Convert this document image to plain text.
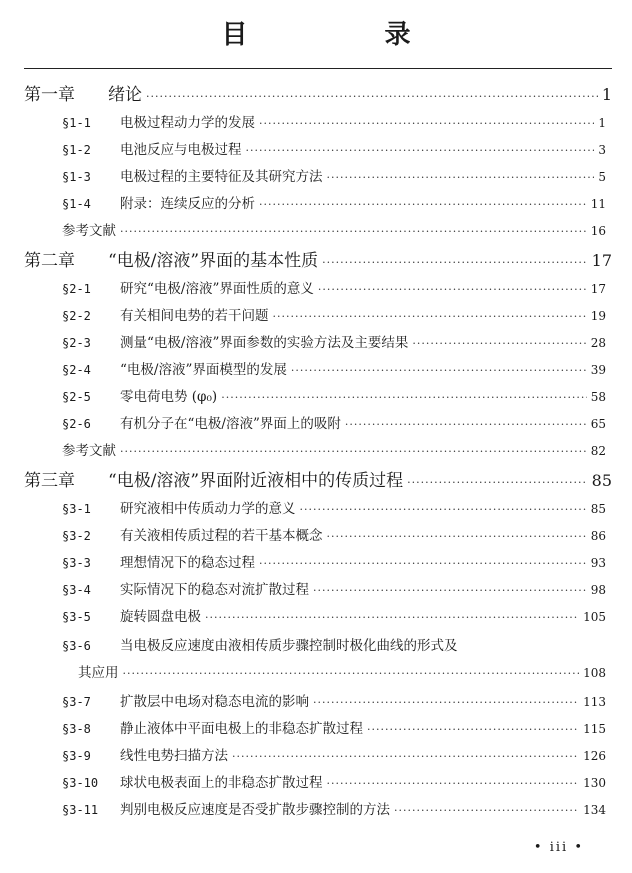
目 录
第一章	绪论 ·····	1
§1-1	电极过程动力学的发展 ·····	1
§1-2	电池反应与电极过程 ·····	3
§1-3	电极过程的主要特征及其研究方法 ·····	5
§1-4	附录：连续反应的分析 ·····	11
参考文献 ·····	16
第二章	“电极/溶液”界面的基本性质 ·····	17
§2-1	研究“电极/溶液”界面性质的意义 ·····	17
§2-2	有关相间电势的若干问题 ·····	19
§2-3	测量“电极/溶液”界面参数的实验方法及主要结果 ·····	28
§2-4	“电极/溶液”界面模型的发展 ·····	39
§2-5	零电荷电势 (φ₀) ·····	58
§2-6	有机分子在“电极/溶液”界面上的吸附 ·····	65
参考文献 ·····	82
第三章	“电极/溶液”界面附近液相中的传质过程 ·····	85
§3-1	研究液相中传质动力学的意义 ·····	85
§3-2	有关液相传质过程的若干基本概念 ·····	86
§3-3	理想情况下的稳态过程 ·····	93
§3-4	实际情况下的稳态对流扩散过程 ·····	98
§3-5	旋转圆盘电极 ·····	105
§3-6	当电极反应速度由液相传质步骤控制时极化曲线的形式及
其应用 ·····	108
§3-7	扩散层中电场对稳态电流的影响 ·····	113
§3-8	静止液体中平面电极上的非稳态扩散过程 ·····	115
§3-9	线性电势扫描方法 ·····	126
§3-10	球状电极表面上的非稳态扩散过程 ·····	130
§3-11	判别电极反应速度是否受扩散步骤控制的方法 ·····	134
• iii •
